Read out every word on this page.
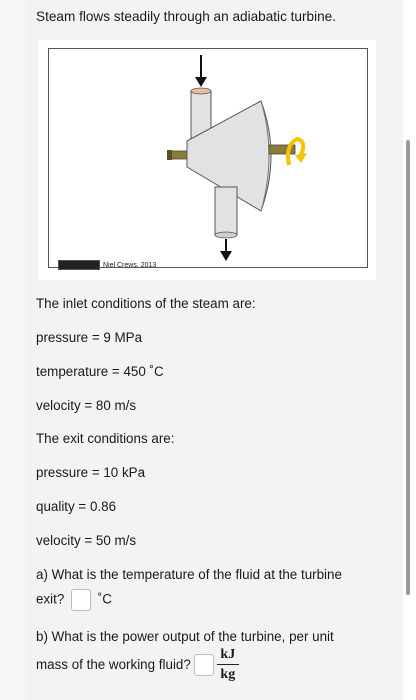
Steam flows steadily through an adiabatic turbine.
Niel Crews, 2013
The inlet conditions of the steam are:
pressure = 9 MPa
temperature = 450 ˚C
velocity = 80 m/s
The exit conditions are:
pressure = 10 kPa
quality = 0.86
velocity = 50 m/s
a) What is the temperature of the fluid at the turbine
exit? ˚C
b) What is the power output of the turbine, per unit
mass of the working fluid? $\frac{kJ}{kg}$
